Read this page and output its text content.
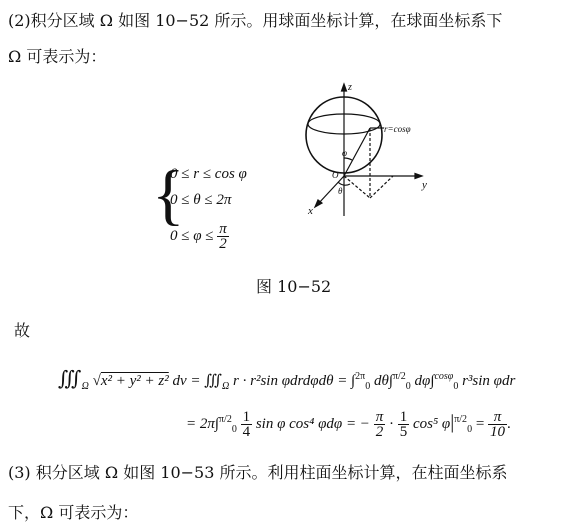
(2)积分区域 Ω 如图 10−52 所示。用球面坐标计算，在球面坐标系下
Ω 可表示为：
{
0 ≤ r ≤ cos φ
0 ≤ θ ≤ 2π
$0 \le \varphi \le \frac{\pi}{2}$
z
y
x
r=cosφ
φ
θ
O
图 10−52
故
$∭_\Omega$ √x² + y² + z² dv = $∭_\Omega$ r · r²sin φdrdφdθ = ∫$^{2\pi}_0$ dθ∫$^{\pi/2}_0$ dφ∫$^{cos\varphi}_0$ r³sin φdr
= $2\pi\int^{\pi/2}_0 \frac{1}{4}$ sin φ cos⁴ φdφ = − $\frac{\pi}{2} \cdot \frac{1}{5} \cos^5$ $\varphi|^{\pi/2}_0 = \frac{\pi}{10}$ .
(3) 积分区域 Ω 如图 10−53 所示。利用柱面坐标计算，在柱面坐标系
下，Ω 可表示为：
